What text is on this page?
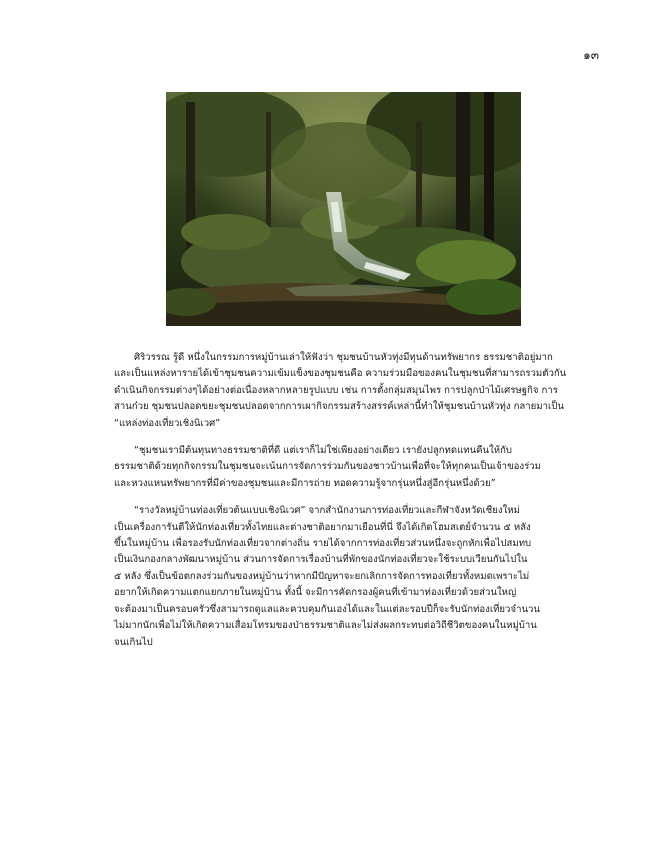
๑๓

ศิริวรรณ รู้ดี หนึ่งในกรรมการหมู่บ้านเล่าให้ฟังว่า ชุมชนบ้านหัวทุ่งมีทุนด้านทรัพยากร ธรรมชาติอยู่มาก
และเป็นแหล่งหารายได้เข้าชุมชนความเข้มแข็งของชุมชนคือ ความร่วมมือของคนในชุมชนที่สามารถรวมตัวกัน
ดำเนินกิจกรรมต่างๆได้อย่างต่อเนื่องหลากหลายรูปแบบ เช่น การตั้งกลุ่มสมุนไพร การปลูกป่าไม้เศรษฐกิจ การ
สานก๋วย ชุมชนปลอดขยะชุมชนปลอดจากการเผากิจกรรมสร้างสรรค์เหล่านี้ทำให้ชุมชนบ้านหัวทุ่ง กลายมาเป็น
“แหล่งท่องเที่ยวเชิงนิเวศ”

“ชุมชนเรามีต้นทุนทางธรรมชาติที่ดี แต่เราก็ไม่ใช่เพียงอย่างเดียว เรายังปลูกทดแทนคืนให้กับ
ธรรมชาติด้วยทุกกิจกรรมในชุมชนจะเน้นการจัดการร่วมกันของชาวบ้านเพื่อที่จะให้ทุกคนเป็นเจ้าของร่วม
และหวงแหนทรัพยากรที่มีค่าของชุมชนและมีการถ่าย ทอดความรู้จากรุ่นหนึ่งสู่อีกรุ่นหนึ่งด้วย”

“รางวัลหมู่บ้านท่องเที่ยวต้นแบบเชิงนิเวศ” จากสำนักงานการท่องเที่ยวและกีฬาจังหวัดเชียงใหม่
เป็นเครื่องการันตีให้นักท่องเที่ยวทั้งไทยและต่างชาติอยากมาเยือนที่นี่ จึงได้เกิดโฮมสเตย์จำนวน ๕ หลัง
ขึ้นในหมู่บ้าน เพื่อรองรับนักท่องเที่ยวจากต่างถิ่น รายได้จากการท่องเที่ยวส่วนหนึ่งจะถูกหักเพื่อไปสมทบ
เป็นเงินกองกลางพัฒนาหมู่บ้าน ส่วนการจัดการเรื่องบ้านที่พักของนักท่องเที่ยวจะใช้ระบบเวียนกันไปใน
๕ หลัง ซึ่งเป็นข้อตกลงร่วมกันของหมู่บ้านว่าหากมีปัญหาจะยกเลิกการจัดการทองเที่ยวทั้งหมดเพราะไม่
อยากให้เกิดความแตกแยกภายในหมู่บ้าน ทั้งนี้ จะมีการคัดกรองผู้คนที่เข้ามาท่องเที่ยวด้วยส่วนใหญ่
จะต้องมาเป็นครอบครัวซึ่งสามารถดูแลและควบคุมกันเองได้และในแต่ละรอบปีก็จะรับนักท่องเที่ยวจำนวน
ไม่มากนักเพื่อไม่ให้เกิดความเสื่อมโทรมของป่าธรรมชาติและไม่ส่งผลกระทบต่อวิถีชีวิตของคนในหมู่บ้าน
จนเกินไป
